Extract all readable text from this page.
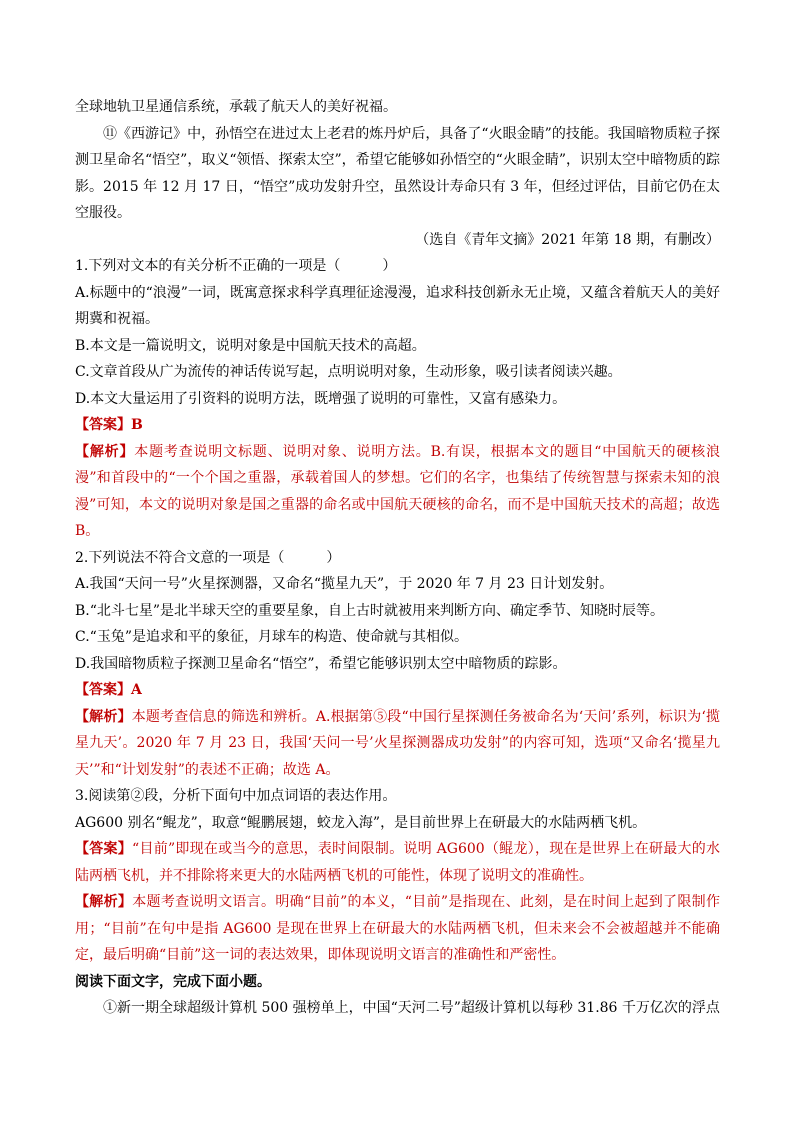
全球地轨卫星通信系统，承载了航天人的美好祝福。

⑪《西游记》中，孙悟空在进过太上老君的炼丹炉后，具备了“火眼金睛”的技能。我国暗物质粒子探测卫星命名“悟空”，取义“领悟、探索太空”，希望它能够如孙悟空的“火眼金睛”，识别太空中暗物质的踪影。2015 年 12 月 17 日，“悟空”成功发射升空，虽然设计寿命只有 3 年，但经过评估，目前它仍在太空服役。

（选自《青年文摘》2021 年第 18 期，有删改）

1.下列对文本的有关分析不正确的一项是（　　　）

A.标题中的“浪漫”一词，既寓意探求科学真理征途漫漫，追求科技创新永无止境，又蕴含着航天人的美好期冀和祝福。

B.本文是一篇说明文，说明对象是中国航天技术的高超。

C.文章首段从广为流传的神话传说写起，点明说明对象，生动形象，吸引读者阅读兴趣。

D.本文大量运用了引资料的说明方法，既增强了说明的可靠性，又富有感染力。

【答案】B

【解析】本题考查说明文标题、说明对象、说明方法。B.有误，根据本文的题目“中国航天的硬核浪漫”和首段中的“一个个国之重器，承载着国人的梦想。它们的名字，也集结了传统智慧与探索未知的浪漫”可知，本文的说明对象是国之重器的命名或中国航天硬核的命名，而不是中国航天技术的高超；故选 B。

2.下列说法不符合文意的一项是（　　　）

A.我国“天问一号”火星探测器，又命名“揽星九天”，于 2020 年 7 月 23 日计划发射。

B.“北斗七星”是北半球天空的重要星象，自上古时就被用来判断方向、确定季节、知晓时辰等。

C.“玉兔”是追求和平的象征，月球车的构造、使命就与其相似。

D.我国暗物质粒子探测卫星命名“悟空”，希望它能够识别太空中暗物质的踪影。

【答案】A

【解析】本题考查信息的筛选和辨析。A.根据第⑤段“中国行星探测任务被命名为‘天问’系列，标识为‘揽星九天’。2020 年 7 月 23 日，我国‘天问一号’火星探测器成功发射”的内容可知，选项“又命名‘揽星九天’”和“计划发射”的表述不正确；故选 A。

3.阅读第②段，分析下面句中加点词语的表达作用。

AG600 别名“鲲龙”，取意“鲲鹏展翅，蛟龙入海”，是目前世界上在研最大的水陆两栖飞机。

【答案】“目前”即现在或当今的意思，表时间限制。说明 AG600（鲲龙），现在是世界上在研最大的水陆两栖飞机，并不排除将来更大的水陆两栖飞机的可能性，体现了说明文的准确性。

【解析】本题考查说明文语言。明确“目前”的本义，“目前”是指现在、此刻，是在时间上起到了限制作用；“目前”在句中是指 AG600 是现在世界上在研最大的水陆两栖飞机，但未来会不会被超越并不能确定，最后明确“目前”这一词的表达效果，即体现说明文语言的准确性和严密性。

阅读下面文字，完成下面小题。

①新一期全球超级计算机 500 强榜单上，中国“天河二号”超级计算机以每秒 31.86 千万亿次的浮点
